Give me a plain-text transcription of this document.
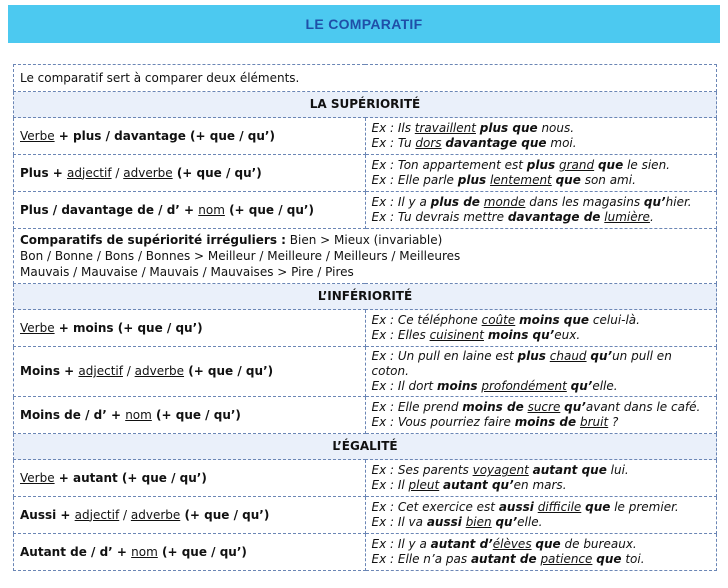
LE COMPARATIF
Le comparatif sert à comparer deux éléments.	
LA SUPÉRIORITÉ	
Verbe + plus / davantage (+ que / qu’)	Ex : Ils travaillent plus que nous.
Ex : Tu dors davantage que moi.

Plus + adjectif / adverbe (+ que / qu’)	Ex : Ton appartement est plus grand que le sien.
Ex : Elle parle plus lentement que son ami.

Plus / davantage de / d’ + nom (+ que / qu’)	Ex : Il y a plus de monde dans les magasins qu’hier.
Ex : Tu devrais mettre davantage de lumière.

Comparatifs de supériorité irréguliers : Bien > Mieux (invariable)
Bon / Bonne / Bons / Bonnes > Meilleur / Meilleure / Meilleurs / Meilleures
Mauvais / Mauvaise / Mauvais / Mauvaises > Pire / Pires	

L’INFÉRIORITÉ	
Verbe + moins (+ que / qu’)	Ex : Ce téléphone coûte moins que celui-là.
Ex : Elles cuisinent moins qu’eux.

Moins + adjectif / adverbe (+ que / qu’)	Ex : Un pull en laine est plus chaud qu’un pull en coton.
Ex : Il dort moins profondément qu’elle.

Moins de / d’ + nom (+ que / qu’)	Ex : Elle prend moins de sucre qu’avant dans le café.
Ex : Vous pourriez faire moins de bruit ?

L’ÉGALITÉ	
Verbe + autant (+ que / qu’)	Ex : Ses parents voyagent autant que lui.
Ex : Il pleut autant qu’en mars.

Aussi + adjectif / adverbe (+ que / qu’)	Ex : Cet exercice est aussi difficile que le premier.
Ex : Il va aussi bien qu’elle.

Autant de / d’ + nom (+ que / qu’)	Ex : Il y a autant d’élèves que de bureaux.
Ex : Elle n’a pas autant de patience que toi.
